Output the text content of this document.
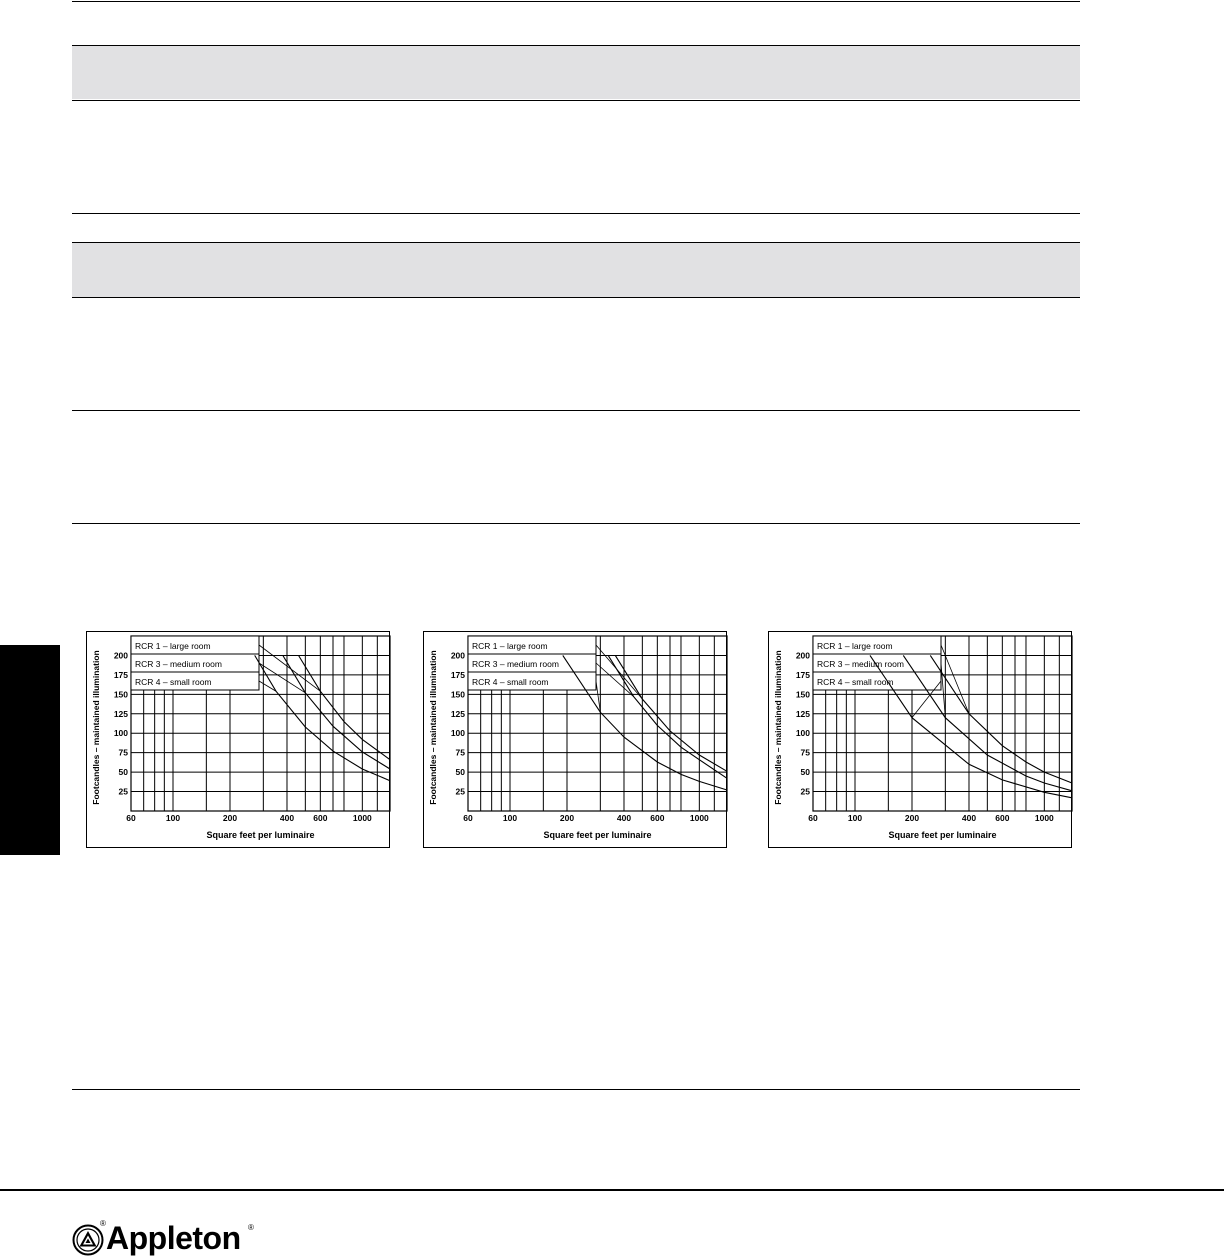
RCR 1 – large room
RCR 3 – medium room
RCR 4 – small room
25
50
75
100
125
150
175
200
60	100	200	400 600	1000
Square feet per luminaire
Footcandles – maintained illumination
RCR 1 – large room
RCR 3 – medium room
RCR 4 – small room
25
50
75
100
125
150
175
200
60	100	200	400 600	1000
Square feet per luminaire
Footcandles – maintained illumination
RCR 1 – large room
RCR 3 – medium room
RCR 4 – small room
25
50
75
100
125
150
175
200
60	100	200	400 600	1000
Square feet per luminaire
Footcandles – maintained illumination
® Appleton ®
